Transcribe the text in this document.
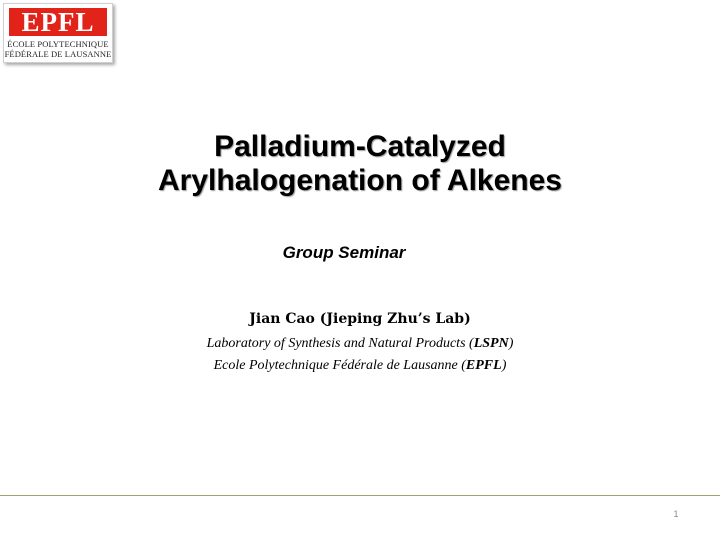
EPFL
ÉCOLE POLYTECHNIQUE
FÉDÉRALE DE LAUSANNE
Palladium-Catalyzed
Arylhalogenation of Alkenes
Group Seminar
Jian Cao (Jieping Zhu’s Lab)
Laboratory of Synthesis and Natural Products (LSPN)
Ecole Polytechnique Fédérale de Lausanne (EPFL)
1
